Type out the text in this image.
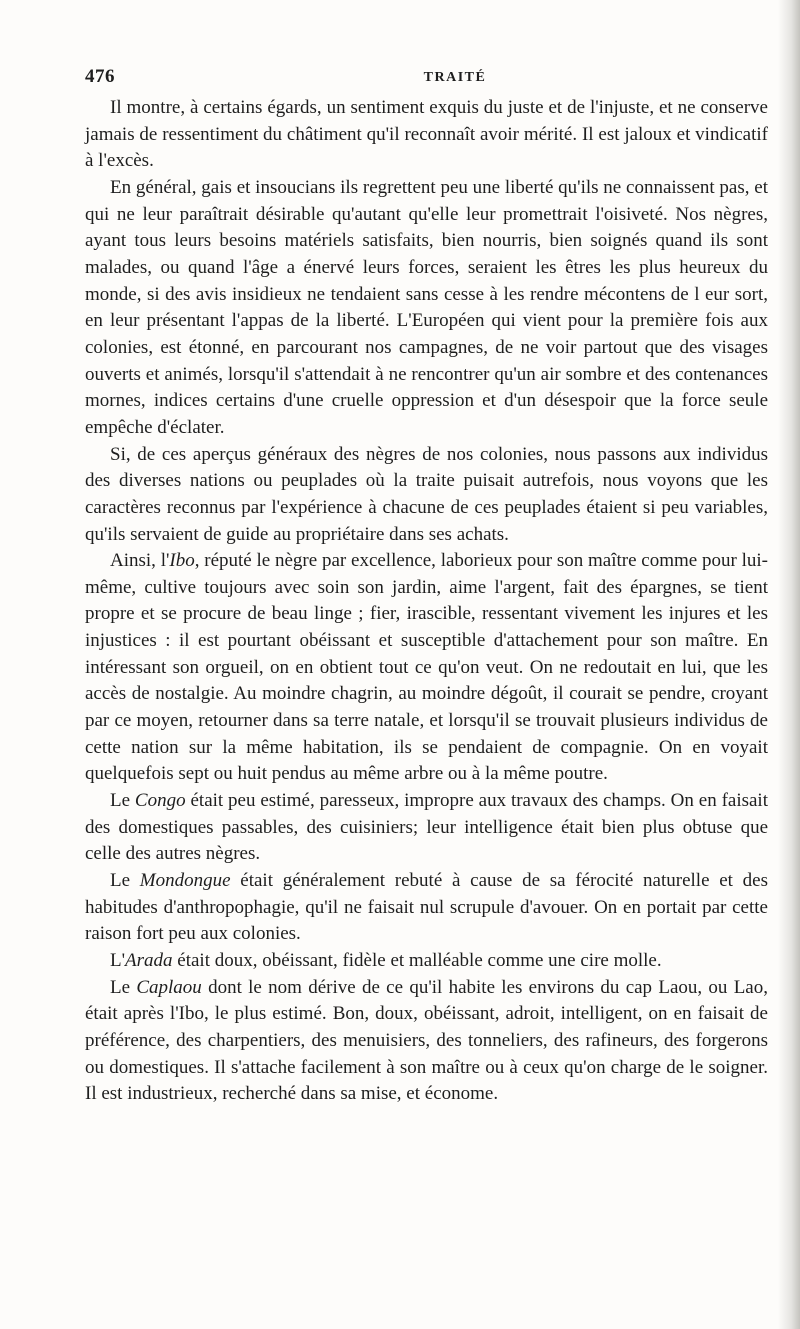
476	TRAITÉ

Il montre, à certains égards, un sentiment exquis du juste et de l'injuste, et ne conserve jamais de ressentiment du châtiment qu'il reconnaît avoir mérité. Il est jaloux et vindicatif à l'excès.

En général, gais et insoucians ils regrettent peu une liberté qu'ils ne connaissent pas, et qui ne leur paraîtrait désirable qu'autant qu'elle leur promettrait l'oisiveté. Nos nègres, ayant tous leurs besoins matériels satisfaits, bien nourris, bien soignés quand ils sont malades, ou quand l'âge a énervé leurs forces, seraient les êtres les plus heureux du monde, si des avis insidieux ne tendaient sans cesse à les rendre mécontens de l eur sort, en leur présentant l'appas de la liberté. L'Européen qui vient pour la première fois aux colonies, est étonné, en parcourant nos campagnes, de ne voir partout que des visages ouverts et animés, lorsqu'il s'attendait à ne rencontrer qu'un air sombre et des contenances mornes, indices certains d'une cruelle oppression et d'un désespoir que la force seule empêche d'éclater.

Si, de ces aperçus généraux des nègres de nos colonies, nous passons aux individus des diverses nations ou peuplades où la traite puisait autrefois, nous voyons que les caractères reconnus par l'expérience à chacune de ces peuplades étaient si peu variables, qu'ils servaient de guide au propriétaire dans ses achats.

Ainsi, l'Ibo, réputé le nègre par excellence, laborieux pour son maître comme pour lui-même, cultive toujours avec soin son jardin, aime l'argent, fait des épargnes, se tient propre et se procure de beau linge ; fier, irascible, ressentant vivement les injures et les injustices : il est pourtant obéissant et susceptible d'attachement pour son maître. En intéressant son orgueil, on en obtient tout ce qu'on veut. On ne redoutait en lui, que les accès de nostalgie. Au moindre chagrin, au moindre dégoût, il courait se pendre, croyant par ce moyen, retourner dans sa terre natale, et lorsqu'il se trouvait plusieurs individus de cette nation sur la même habitation, ils se pendaient de compagnie. On en voyait quelquefois sept ou huit pendus au même arbre ou à la même poutre.

Le Congo était peu estimé, paresseux, impropre aux travaux des champs. On en faisait des domestiques passables, des cuisiniers; leur intelligence était bien plus obtuse que celle des autres nègres.

Le Mondongue était généralement rebuté à cause de sa férocité naturelle et des habitudes d'anthropophagie, qu'il ne faisait nul scrupule d'avouer. On en portait par cette raison fort peu aux colonies.

L'Arada était doux, obéissant, fidèle et malléable comme une cire molle.

Le Caplaou dont le nom dérive de ce qu'il habite les environs du cap Laou, ou Lao, était après l'Ibo, le plus estimé. Bon, doux, obéissant, adroit, intelligent, on en faisait de préférence, des charpentiers, des menuisiers, des tonneliers, des rafineurs, des forgerons ou domestiques. Il s'attache facilement à son maître ou à ceux qu'on charge de le soigner. Il est industrieux, recherché dans sa mise, et économe.
